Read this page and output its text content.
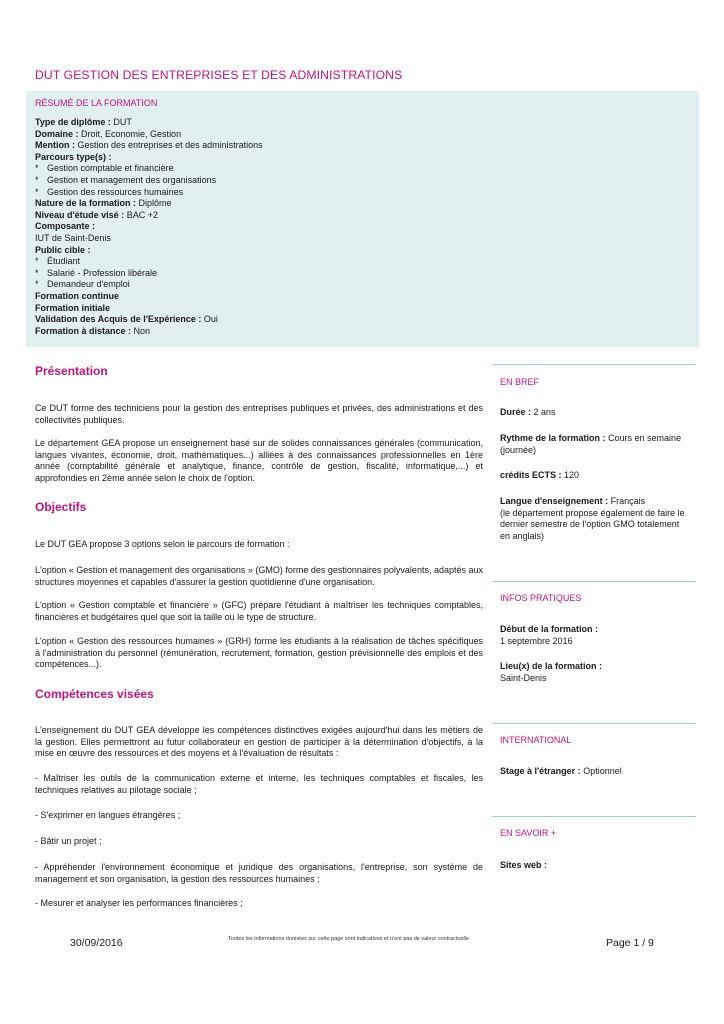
DUT GESTION DES ENTREPRISES ET DES ADMINISTRATIONS
RÉSUMÉ DE LA FORMATION
Type de diplôme : DUT
Domaine : Droit, Economie, Gestion
Mention : Gestion des entreprises et des administrations
Parcours type(s) :
* Gestion comptable et financière
* Gestion et management des organisations
* Gestion des ressources humaines
Nature de la formation : Diplôme
Niveau d'étude visé : BAC +2
Composante :
IUT de Saint-Denis
Public cible :
* Étudiant
* Salarié - Profession libérale
* Demandeur d'emploi
Formation continue
Formation initiale
Validation des Acquis de l'Expérience : Oui
Formation à distance : Non
Présentation
Ce DUT forme des techniciens pour la gestion des entreprises publiques et privées, des administrations et des collectivités publiques.
Le département GEA propose un enseignement basé sur de solides connaissances générales (communication, langues vivantes, économie, droit, mathématiques...) alliées à des connaissances professionnelles en 1ère année (comptabilité générale et analytique, finance, contrôle de gestion, fiscalité, informatique,...) et approfondies en 2ème année selon le choix de l'option.
Objectifs
Le DUT GEA propose 3 options selon le parcours de formation :
L'option « Gestion et management des organisations » (GMO) forme des gestionnaires polyvalents, adaptés aux structures moyennes et capables d'assurer la gestion quotidienne d'une organisation.
L'option « Gestion comptable et financière » (GFC) prépare l'étudiant à maîtriser les techniques comptables, financières et budgétaires quel que soit la taille ou le type de structure.
L'option « Gestion des ressources humaines » (GRH) forme les étudiants à la réalisation de tâches spécifiques à l'administration du personnel (rémunération, recrutement, formation, gestion prévisionnelle des emplois et des compétences...).
Compétences visées
L'enseignement du DUT GEA développe les compétences distinctives exigées aujourd'hui dans les métiers de la gestion. Elles permettront au futur collaborateur en gestion de participer à la détermination d'objectifs, à la mise en œuvre des ressources et des moyens et à l'évaluation de résultats :
- Maîtriser les outils de la communication externe et interne, les techniques comptables et fiscales, les techniques relatives au pilotage sociale ;
- S'exprimer en langues étrangères ;
- Bâtir un projet ;
- Appréhender l'environnement économique et juridique des organisations, l'entreprise, son système de management et son organisation, la gestion des ressources humaines ;
- Mesurer et analyser les performances financières ;
EN BREF
Durée : 2 ans
Rythme de la formation : Cours en semaine (journée)
crédits ECTS : 120
Langue d'enseignement : Français
(le département propose également de faire le dernier semestre de l'option GMO totalement en anglais)
INFOS PRATIQUES
Début de la formation :
1 septembre 2016
Lieu(x) de la formation :
Saint-Denis
INTERNATIONAL
Stage à l'étranger : Optionnel
EN SAVOIR +
Sites web :
30/09/2016	Toutes les informations données sur cette page sont indicatives et n'ont pas de valeur contractuelle	Page 1 / 9
